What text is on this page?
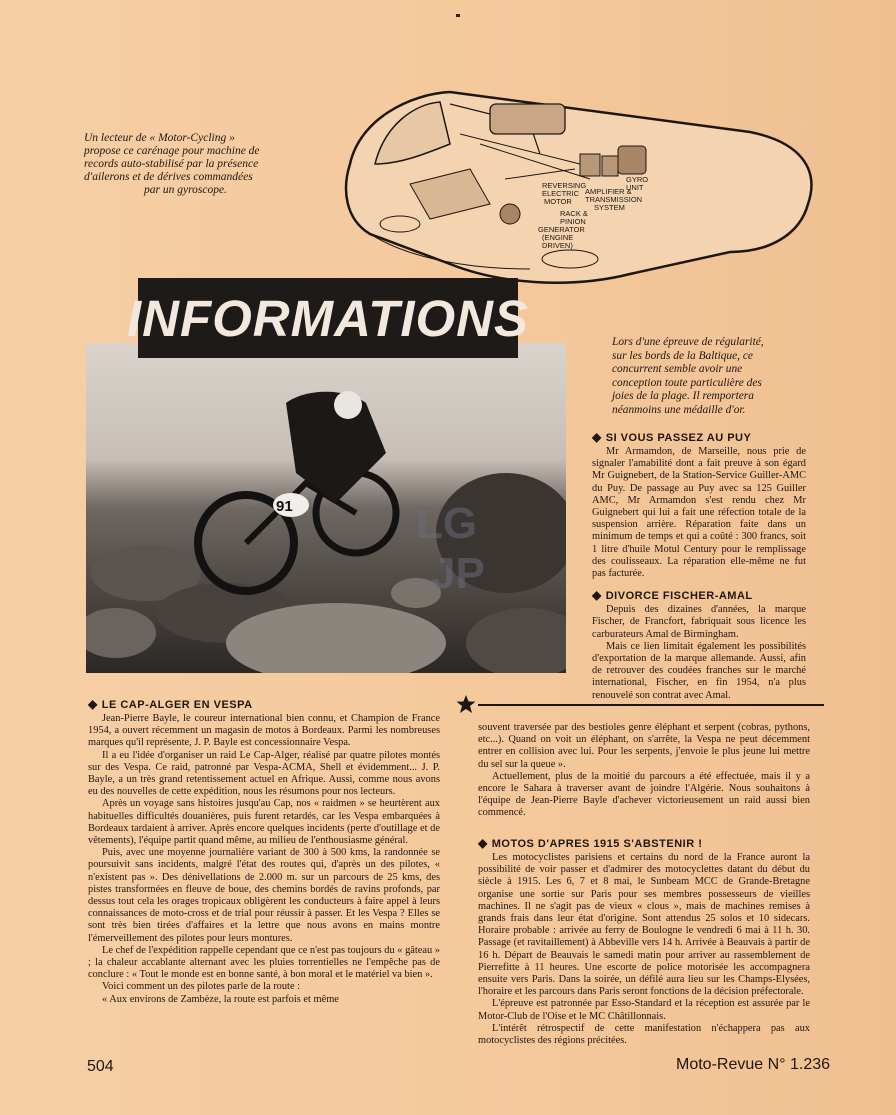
Un lecteur de « Motor-Cycling »
propose ce carénage pour machine de
records auto-stabilisé par la présence
d'ailerons et de dérives commandées
par un gyroscope.
GYRO
UNIT
AMPLIFIER &
TRANSMISSION
SYSTEM
REVERSING
ELECTRIC
MOTOR
RACK &
PINION
GENERATOR
(ENGINE
DRIVEN)
91	LG
JP
INFORMATIONS	Lors d'une épreuve de régularité,
sur les bords de la Baltique, ce
concurrent semble avoir une
conception toute particulière des
joies de la plage. Il remportera
néanmoins une médaille d'or.
◆ SI VOUS PASSEZ AU PUY

Mr Armamdon, de Marseille, nous prie de signaler l'amabilité dont a fait preuve à son égard Mr Guignebert, de la Station-Service Guiller-AMC du Puy. De passage au Puy avec sa 125 Guiller AMC, Mr Armamdon s'est rendu chez Mr Guignebert qui lui a fait une réfection totale de la suspension arrière. Réparation faite dans un minimum de temps et qui a coûté : 300 francs, soit 1 litre d'huile Motul Century pour le remplissage des coulisseaux. La réparation elle-même ne fut pas facturée.

◆ DIVORCE FISCHER-AMAL

Depuis des dizaines d'années, la marque Fischer, de Francfort, fabriquait sous licence les carburateurs Amal de Birmingham.

Mais ce lien limitait également les possibilités d'exportation de la marque allemande. Aussi, afin de retrouver des coudées franches sur le marché international, Fischer, en fin 1954, n'a plus renouvelé son contrat avec Amal.

◆ LE CAP-ALGER EN VESPA

Jean-Pierre Bayle, le coureur international bien connu, et Champion de France 1954, a ouvert récemment un magasin de motos à Bordeaux. Parmi les nombreuses marques qu'il représente, J. P. Bayle est concessionnaire Vespa.

Il a eu l'idée d'organiser un raid Le Cap-Alger, réalisé par quatre pilotes montés sur des Vespa. Ce raid, patronné par Vespa-ACMA, Shell et évidemment... J. P. Bayle, a un très grand retentissement actuel en Afrique. Aussi, comme nous avons eu des nouvelles de cette expédition, nous les résumons pour nos lecteurs.

Après un voyage sans histoires jusqu'au Cap, nos « raidmen » se heurtèrent aux habituelles difficultés douanières, puis furent retardés, car les Vespa embarquées à Bordeaux tardaient à arriver. Après encore quelques incidents (perte d'outillage et de vêtements), l'équipe partit quand même, au milieu de l'enthousiasme général.

Puis, avec une moyenne journalière variant de 300 à 500 kms, la randonnée se poursuivit sans incidents, malgré l'état des routes qui, d'après un des pilotes, « n'existent pas ». Des dénivellations de 2.000 m. sur un parcours de 25 kms, des pistes transformées en fleuve de boue, des chemins bordés de ravins profonds, par dessus tout cela les orages tropicaux obligèrent les conducteurs à faire appel à leurs connaissances de moto-cross et de trial pour réussir à passer. Et les Vespa ? Elles se sont très bien tirées d'affaires et la lettre que nous avons en mains montre l'émerveillement des pilotes pour leurs montures.

Le chef de l'expédition rappelle cependant que ce n'est pas toujours du « gâteau » ; la chaleur accablante alternant avec les pluies torrentielles ne l'empêche pas de conclure : « Tout le monde est en bonne santé, à bon moral et le matériel va bien ».

Voici comment un des pilotes parle de la route :

« Aux environs de Zambèze, la route est parfois et même

souvent traversée par des bestioles genre éléphant et serpent (cobras, pythons, etc...). Quand on voit un éléphant, on s'arrête, la Vespa ne peut décemment entrer en collision avec lui. Pour les serpents, j'envoie le plus jeune lui mettre du sel sur la queue ».

Actuellement, plus de la moitié du parcours a été effectuée, mais il y a encore le Sahara à traverser avant de joindre l'Algérie. Nous souhaitons à l'équipe de Jean-Pierre Bayle d'achever victorieusement un raid aussi bien commencé.

◆ MOTOS D'APRES 1915 S'ABSTENIR !

Les motocyclistes parisiens et certains du nord de la France auront la possibilité de voir passer et d'admirer des motocyclettes datant du début du siècle à 1915. Les 6, 7 et 8 mai, le Sunbeam MCC de Grande-Bretagne organise une sortie sur Paris pour ses membres possesseurs de vieilles machines. Il ne s'agit pas de vieux « clous », mais de machines remises à grands frais dans leur état d'origine. Sont attendus 25 solos et 10 sidecars. Horaire probable : arrivée au ferry de Boulogne le vendredi 6 mai à 11 h. 30. Passage (et ravitaillement) à Abbeville vers 14 h. Arrivée à Beauvais à partir de 16 h. Départ de Beauvais le samedi matin pour arriver au rassemblement de Pierrefitte à 11 heures. Une escorte de police motorisée les accompagnera ensuite vers Paris. Dans la soirée, un défilé aura lieu sur les Champs-Elysées, l'horaire et les parcours dans Paris seront fonctions de la décision préfectorale.

L'épreuve est patronnée par Esso-Standard et la réception est assurée par le Motor-Club de l'Oise et le MC Châtillonnais.

L'intérêt rétrospectif de cette manifestation n'échappera pas aux motocyclistes des régions précitées.

504	Moto-Revue N° 1.236
